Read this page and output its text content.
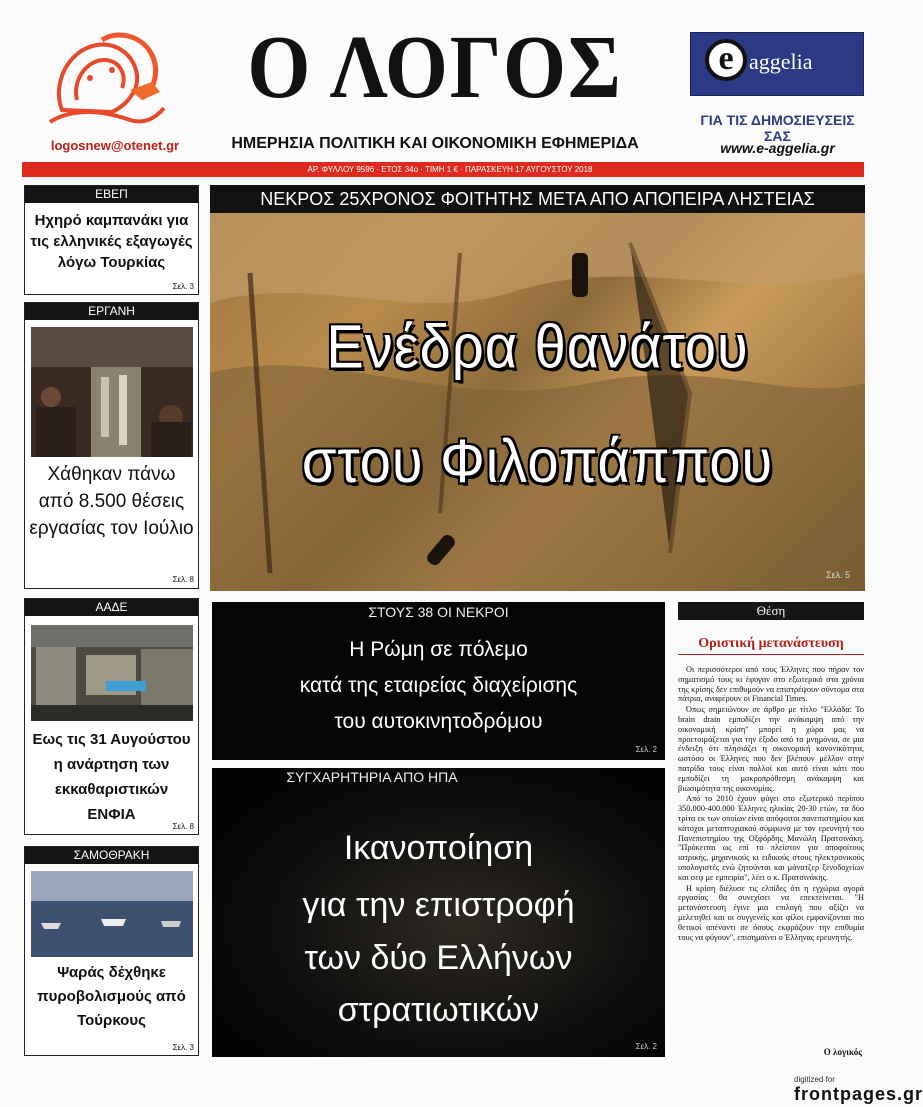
logosnew@otenet.gr
Ο ΛΟΓΟΣ
ΗΜΕΡΗΣΙΑ ΠΟΛΙΤΙΚΗ ΚΑΙ ΟΙΚΟΝΟΜΙΚΗ ΕΦΗΜΕΡΙΔΑ
e aggelia
ΓΙΑ ΤΙΣ ΔΗΜΟΣΙΕΥΣΕΙΣ ΣΑΣ
www.e-aggelia.gr
ΑΡ. ΦΥΛΛΟΥ 9596 · ΕΤΟΣ 34ο · ΤΙΜΗ 1 € · ΠΑΡΑΣΚΕΥΗ 17 ΑΥΓΟΥΣΤΟΥ 2018
ΕΒΕΠ
Ηχηρό καμπανάκι για τις ελληνικές εξαγωγές λόγω Τουρκίας
Σελ. 3
ΕΡΓΑΝΗ
Χάθηκαν πάνω από 8.500 θέσεις εργασίας τον Ιούλιο
Σελ. 8
ΑΑΔΕ
Εως τις 31 Αυγούστου η ανάρτηση των εκκαθαριστικών ΕΝΦΙΑ
Σελ. 8
ΣΑΜΟΘΡΑΚΗ
Ψαράς δέχθηκε πυροβολισμούς από Τούρκους
Σελ. 3
ΝΕΚΡΟΣ 25ΧΡΟΝΟΣ ΦΟΙΤΗΤΗΣ ΜΕΤΑ ΑΠΟ ΑΠΟΠΕΙΡΑ ΛΗΣΤΕΙΑΣ
Ενέδρα θανάτου
στου Φιλοπάππου
Σελ. 5
ΣΤΟΥΣ 38 ΟΙ ΝΕΚΡΟΙ
Η Ρώμη σε πόλεμο
κατά της εταιρείας διαχείρισης
του αυτοκινητοδρόμου
Σελ. 2
ΣΥΓΧΑΡΗΤΗΡΙΑ ΑΠΟ ΗΠΑ
Ικανοποίηση
για την επιστροφή
των δύο Ελλήνων
στρατιωτικών
Σελ. 2
Θέση
Οριστική μετανάστευση

Οι περισσότεροι από τους Έλληνες που πήραν τον σηματισμό τους κι έφυγαν στο εξωτερικό στα χρόνια της κρίσης δεν επιθυμούν να επιστρέψουν σύντομα στα πάτρια, αναφέρουν οι Financial Times.

Όπως σημειώνουν σε άρθρο με τίτλο "Ελλάδα: Το brain drain εμποδίζει την ανάκαμψη από την οικονομική κρίση" μπορεί η χώρα μας να προετοιμάζεται για την έξοδο από τα μνημόνια, σε μια ένδειξη ότι πλησιάζει η οικονομική κανονικότητα, ωστόσο οι Έλληνες που δεν βλέπουν μέλλον στην πατρίδα τους είναι πολλοί και αυτό είναι κάτι που εμποδίζει τη μακροπρόθεσμη ανάκαμψη και βιωσιμότητα της οικονομίας.

Από το 2010 έχουν φύγει στο εξωτερικό περίπου 350.000-400.000 Έλληνες ηλικίας 20-30 ετών, τα δύο τρίτα εκ των οποίων είναι απόφοιτοι πανεπιστημίου και κάτοχοι μεταπτυχιακού σύμφωνα με τον ερευνητή του Πανεπιστημίου της Οξφόρδης Μανώλη Πρατσινάκη. "Πρόκειται ως επί το πλείστον για αποφοίτους ιατρικής, μηχανικούς κι ειδικούς στους ηλεκτρονικούς υπολογιστές ενώ ζητούνται και μάνατζερ ξενοδοχείων και σεφ με εμπειρία", λέει ο κ. Πρατσινάκης.

Η κρίση διέλυσε τις ελπίδες ότι η εγχώρια αγορά εργασίας θα συνεχίσει να επεκτείνεται. "Η μετανάστευση έγινε μια επιλογή που αξίζει να μελετηθεί και οι συγγενείς και φίλοι εμφανίζονται πιο θετικοί απέναντι σε όσους εκφράζουν την επιθυμία τους να φύγουν", επισημαίνει ο Έλληνας ερευνητής.

Ο λογικός
digitized for
frontpages.gr
